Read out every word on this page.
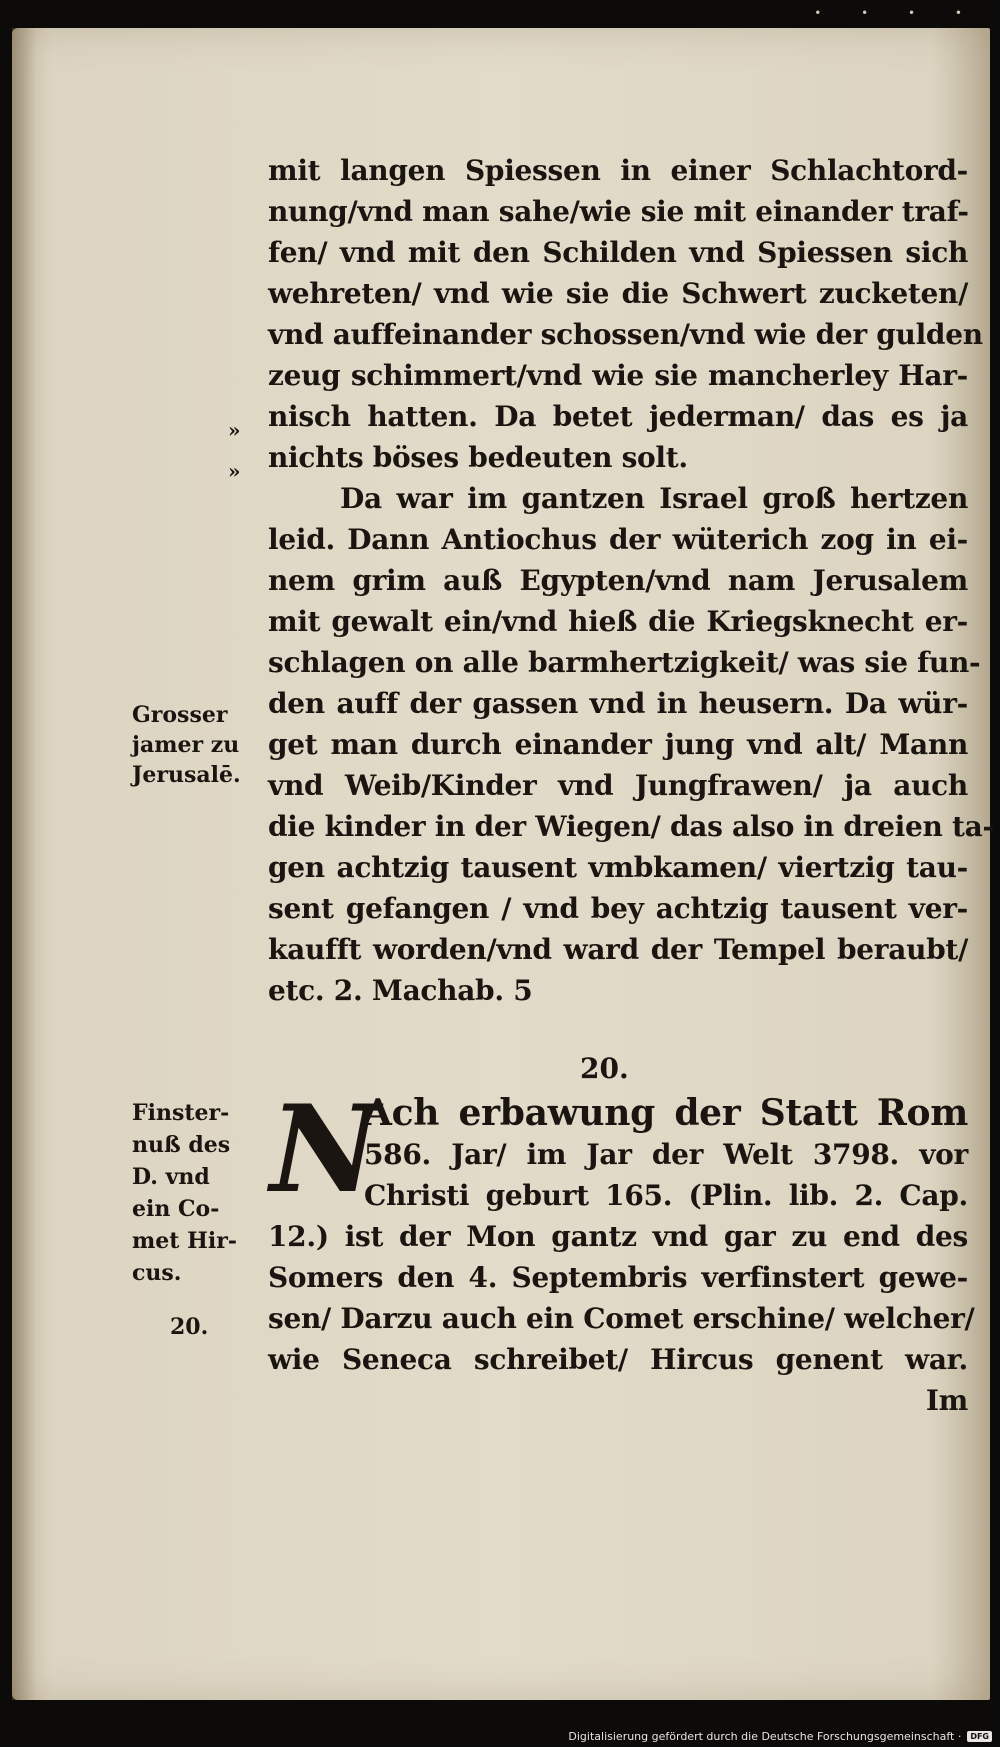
• • • •
mit langen Spiessen in einer Schlachtord-
nung/vnd man sahe/wie sie mit einander traf-
fen/ vnd mit den Schilden vnd Spiessen sich
wehreten/ vnd wie sie die Schwert zucketen/
vnd auffeinander schossen/vnd wie der gulden
zeug schimmert/vnd wie sie mancherley Har-
nisch hatten. Da betet jederman/ das es ja
nichts böses bedeuten solt.
Da war im gantzen Israel groß hertzen
leid. Dann Antiochus der wüterich zog in ei-
nem grim auß Egypten/vnd nam Jerusalem
mit gewalt ein/vnd hieß die Kriegsknecht er-
schlagen on alle barmhertzigkeit/ was sie fun-
den auff der gassen vnd in heusern. Da wür-
get man durch einander jung vnd alt/ Mann
vnd Weib/Kinder vnd Jungfrawen/ ja auch
die kinder in der Wiegen/ das also in dreien ta-
gen achtzig tausent vmbkamen/ viertzig tau-
sent gefangen / vnd bey achtzig tausent ver-
kaufft worden/vnd ward der Tempel beraubt/
etc. 2. Machab. 5
»
»
Grosser
jamer zu
Jerusalē.
20.
N
Ach erbawung der Statt Rom
586. Jar/ im Jar der Welt 3798. vor
Christi geburt 165. (Plin. lib. 2. Cap.
12.) ist der Mon gantz vnd gar zu end des
Somers den 4. Septembris verfinstert gewe-
sen/ Darzu auch ein Comet erschine/ welcher/
wie Seneca schreibet/ Hircus genent war.
Im
Finster-
nuß des
D. vnd
ein Co-
met Hir-
cus.
20.
Digitalisierung gefördert durch die Deutsche Forschungsgemeinschaft ·	DFG
